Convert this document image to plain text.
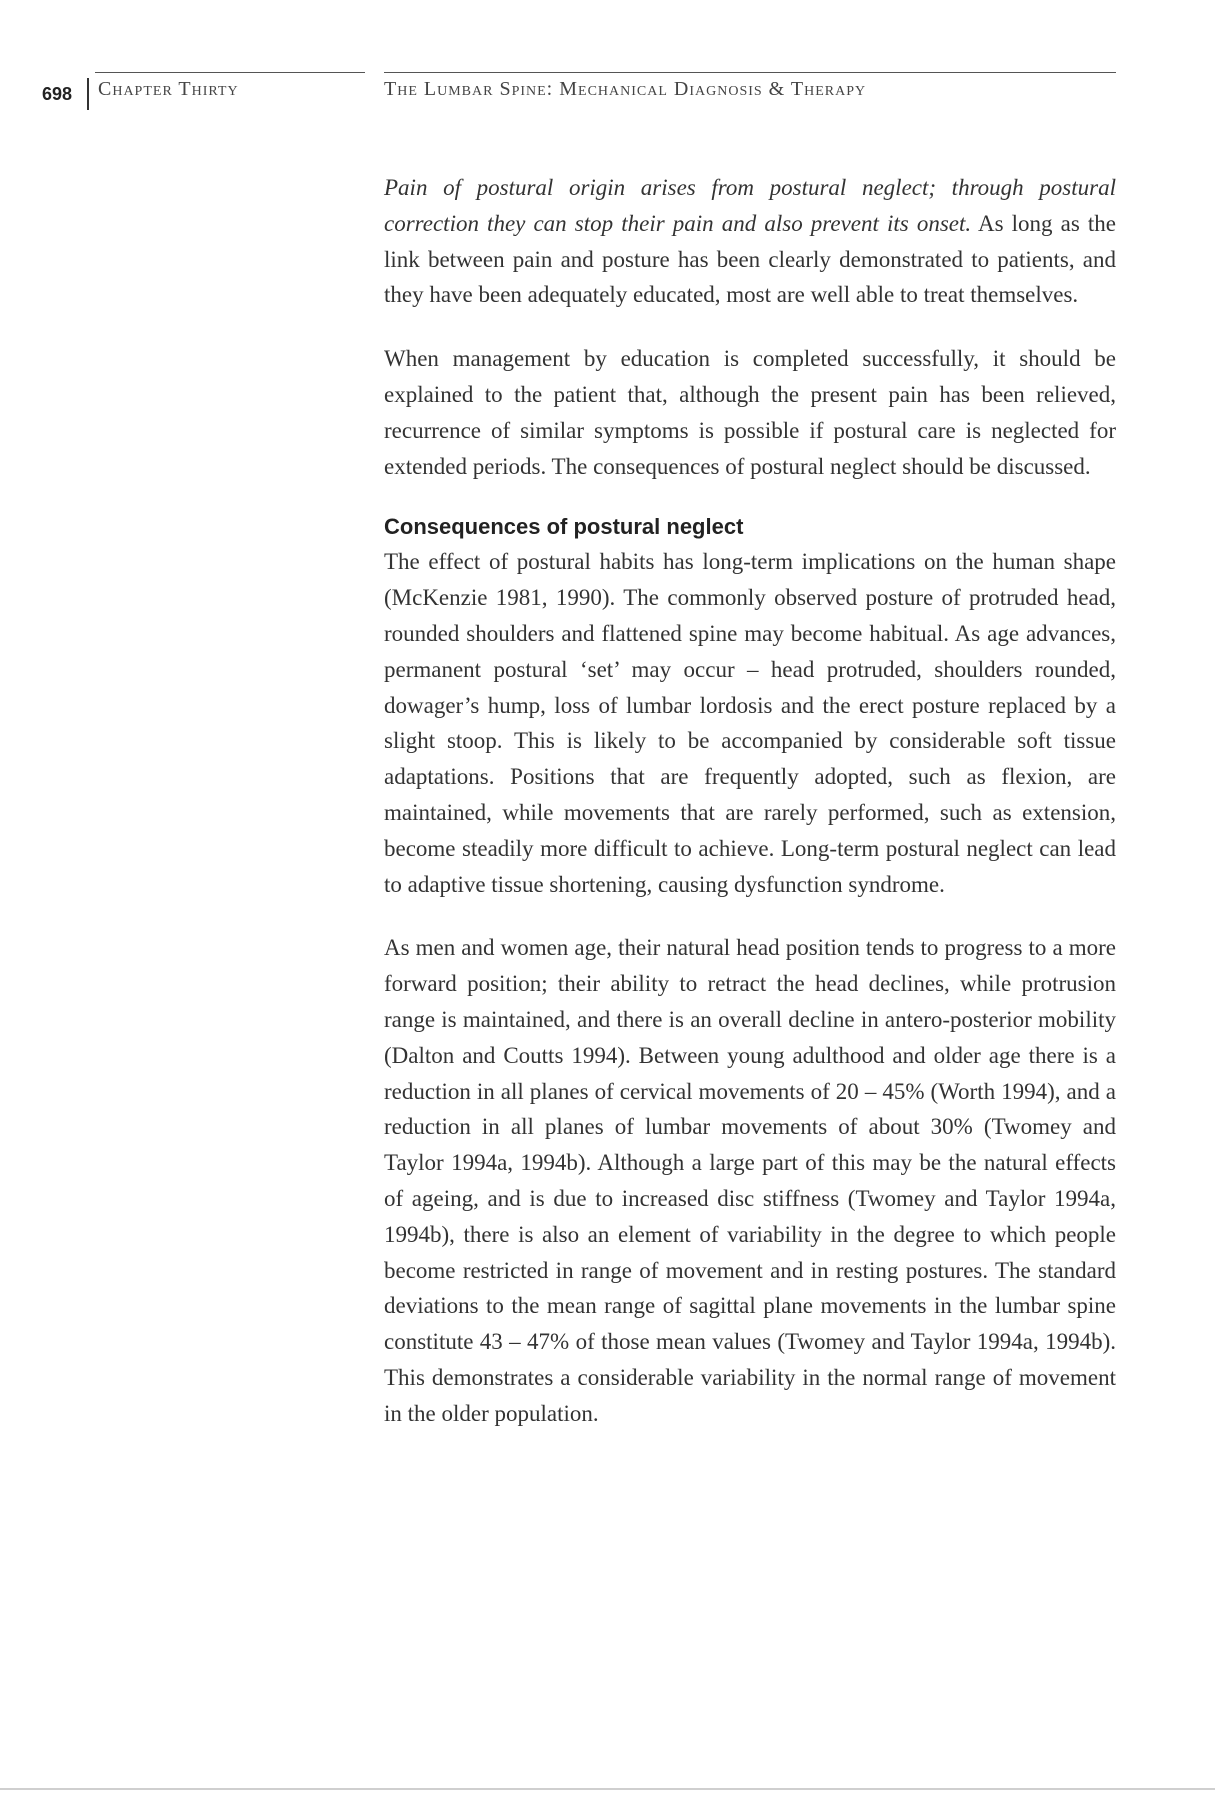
698 Chapter Thirty	The Lumbar Spine: Mechanical Diagnosis & Therapy

Pain of postural origin arises from postural neglect; through postural correction they can stop their pain and also prevent its onset. As long as the link between pain and posture has been clearly demonstrated to patients, and they have been adequately educated, most are well able to treat themselves.

When management by education is completed successfully, it should be explained to the patient that, although the present pain has been relieved, recurrence of similar symptoms is possible if postural care is neglected for extended periods. The consequences of postural neglect should be discussed.

Consequences of postural neglect

The effect of postural habits has long-term implications on the human shape (McKenzie 1981, 1990). The commonly observed posture of protruded head, rounded shoulders and flattened spine may become habitual. As age advances, permanent postural ‘set’ may occur – head protruded, shoulders rounded, dowager’s hump, loss of lumbar lordosis and the erect posture replaced by a slight stoop. This is likely to be accompanied by considerable soft tissue adaptations. Positions that are frequently adopted, such as flexion, are maintained, while movements that are rarely performed, such as extension, become steadily more difficult to achieve. Long-term postural neglect can lead to adaptive tissue shortening, causing dysfunction syndrome.

As men and women age, their natural head position tends to progress to a more forward position; their ability to retract the head declines, while protrusion range is maintained, and there is an overall decline in antero-posterior mobility (Dalton and Coutts 1994). Between young adulthood and older age there is a reduction in all planes of cervical movements of 20 – 45% (Worth 1994), and a reduction in all planes of lumbar movements of about 30% (Twomey and Taylor 1994a, 1994b). Although a large part of this may be the natural effects of ageing, and is due to increased disc stiffness (Twomey and Taylor 1994a, 1994b), there is also an element of variability in the degree to which people become restricted in range of movement and in resting postures. The standard deviations to the mean range of sagittal plane movements in the lumbar spine constitute 43 – 47% of those mean values (Twomey and Taylor 1994a, 1994b). This demonstrates a considerable variability in the normal range of movement in the older population.
